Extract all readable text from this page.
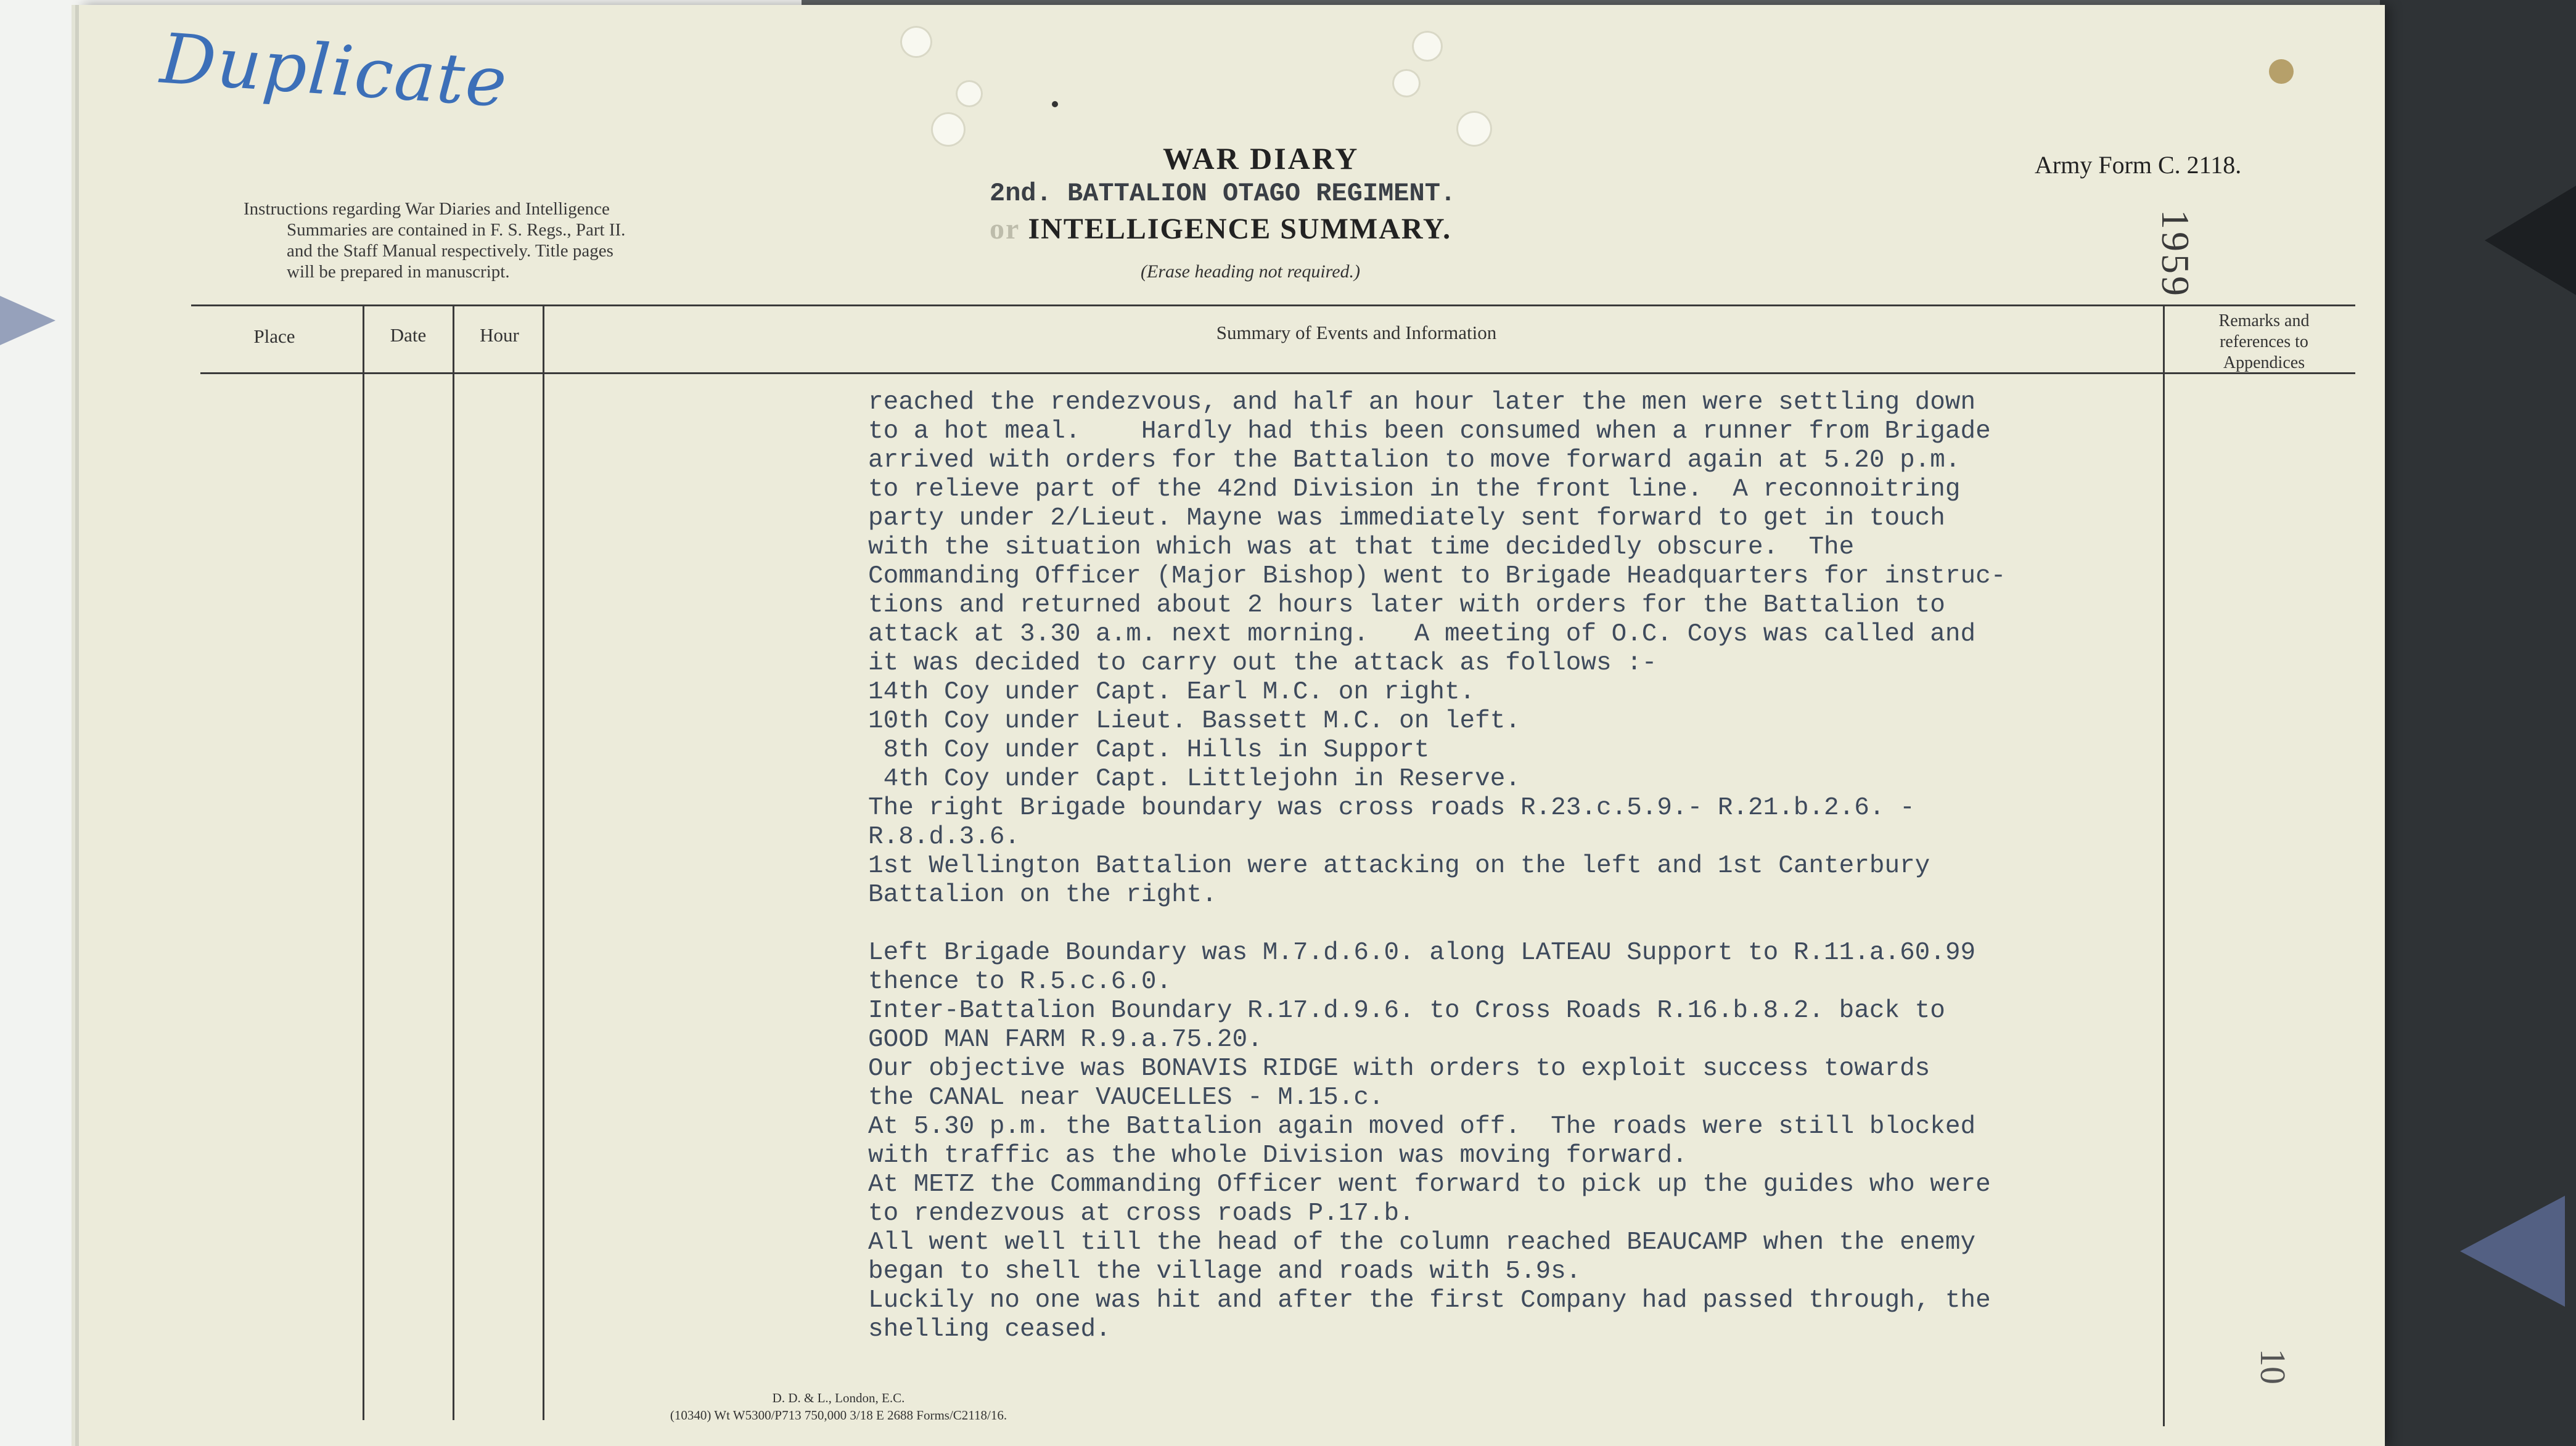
Duplicate
Instructions regarding War Diaries and Intelligence
Summaries are contained in F. S. Regs., Part II.
and the Staff Manual respectively. Title pages
will be prepared in manuscript.
WAR DIARY
2nd. BATTALION OTAGO REGIMENT.
or INTELLIGENCE SUMMARY.
(Erase heading not required.)
Army Form C. 2118.
1959
Place	Date	Hour	Summary of Events and Information
Remarks and
references to
Appendices
reached the rendezvous, and half an hour later the men were settling down
to a hot meal.    Hardly had this been consumed when a runner from Brigade
arrived with orders for the Battalion to move forward again at 5.20 p.m.
to relieve part of the 42nd Division in the front line.  A reconnoitring
party under 2/Lieut. Mayne was immediately sent forward to get in touch
with the situation which was at that time decidedly obscure.  The
Commanding Officer (Major Bishop) went to Brigade Headquarters for instruc-
tions and returned about 2 hours later with orders for the Battalion to
attack at 3.30 a.m. next morning.   A meeting of O.C. Coys was called and
it was decided to carry out the attack as follows :-
14th Coy under Capt. Earl M.C. on right.
10th Coy under Lieut. Bassett M.C. on left.
8th Coy under Capt. Hills in Support
4th Coy under Capt. Littlejohn in Reserve.
The right Brigade boundary was cross roads R.23.c.5.9.- R.21.b.2.6. -
R.8.d.3.6.
1st Wellington Battalion were attacking on the left and 1st Canterbury
Battalion on the right.

Left Brigade Boundary was M.7.d.6.0. along LATEAU Support to R.11.a.60.99
thence to R.5.c.6.0.
Inter-Battalion Boundary R.17.d.9.6. to Cross Roads R.16.b.8.2. back to
GOOD MAN FARM R.9.a.75.20.
Our objective was BONAVIS RIDGE with orders to exploit success towards
the CANAL near VAUCELLES - M.15.c.
At 5.30 p.m. the Battalion again moved off.  The roads were still blocked
with traffic as the whole Division was moving forward.
At METZ the Commanding Officer went forward to pick up the guides who were
to rendezvous at cross roads P.17.b.
All went well till the head of the column reached BEAUCAMP when the enemy
began to shell the village and roads with 5.9s.
Luckily no one was hit and after the first Company had passed through, the
shelling ceased.
D. D. & L., London, E.C.
(10340) Wt W5300/P713 750,000 3/18 E 2688 Forms/C2118/16.
10
